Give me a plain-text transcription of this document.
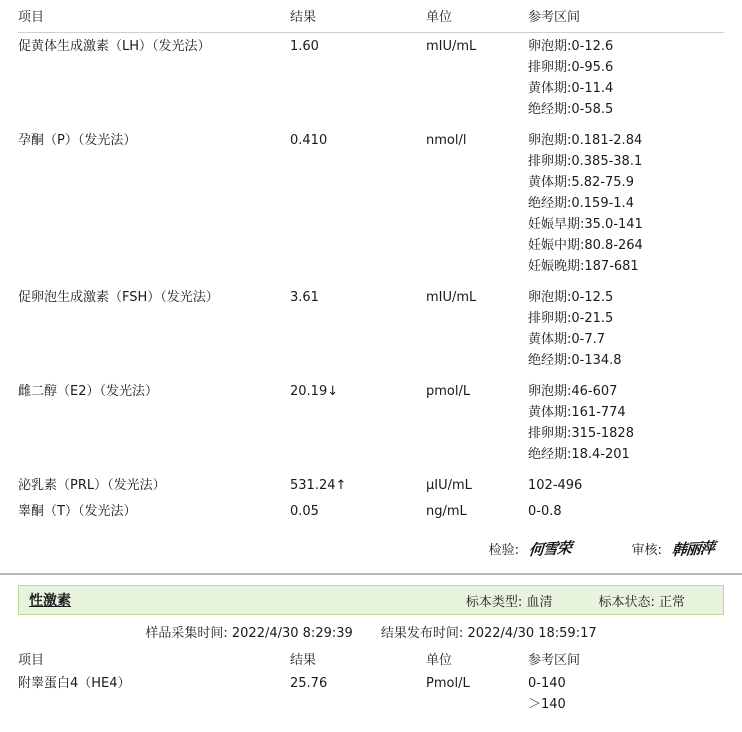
项目	结果	单位	参考区间
促黄体生成激素（LH）（发光法）	1.60	mIU/mL	卵泡期:0-12.6
			排卵期:0-95.6
			黄体期:0-11.4
			绝经期:0-58.5
孕酮（P）（发光法）	0.410	nmol/l	卵泡期:0.181-2.84
			排卵期:0.385-38.1
			黄体期:5.82-75.9
			绝经期:0.159-1.4
			妊娠早期:35.0-141
			妊娠中期:80.8-264
			妊娠晚期:187-681
促卵泡生成激素（FSH）（发光法）	3.61	mIU/mL	卵泡期:0-12.5
			排卵期:0-21.5
			黄体期:0-7.7
			绝经期:0-134.8
雌二醇（E2）（发光法）	20.19↓	pmol/L	卵泡期:46-607
			黄体期:161-774
			排卵期:315-1828
			绝经期:18.4-201
泌乳素（PRL）（发光法）	531.24↑	μIU/mL	102-496
睾酮（T）（发光法）	0.05	ng/mL	0-0.8
检验: 何雪荣	审核: 韩丽萍
性激素	标本类型: 血清	标本状态: 正常
样品采集时间: 2022/4/30 8:29:39 结果发布时间: 2022/4/30 18:59:17
项目	结果	单位	参考区间
附睾蛋白4（HE4）	25.76	Pmol/L	0-140
			＞140
